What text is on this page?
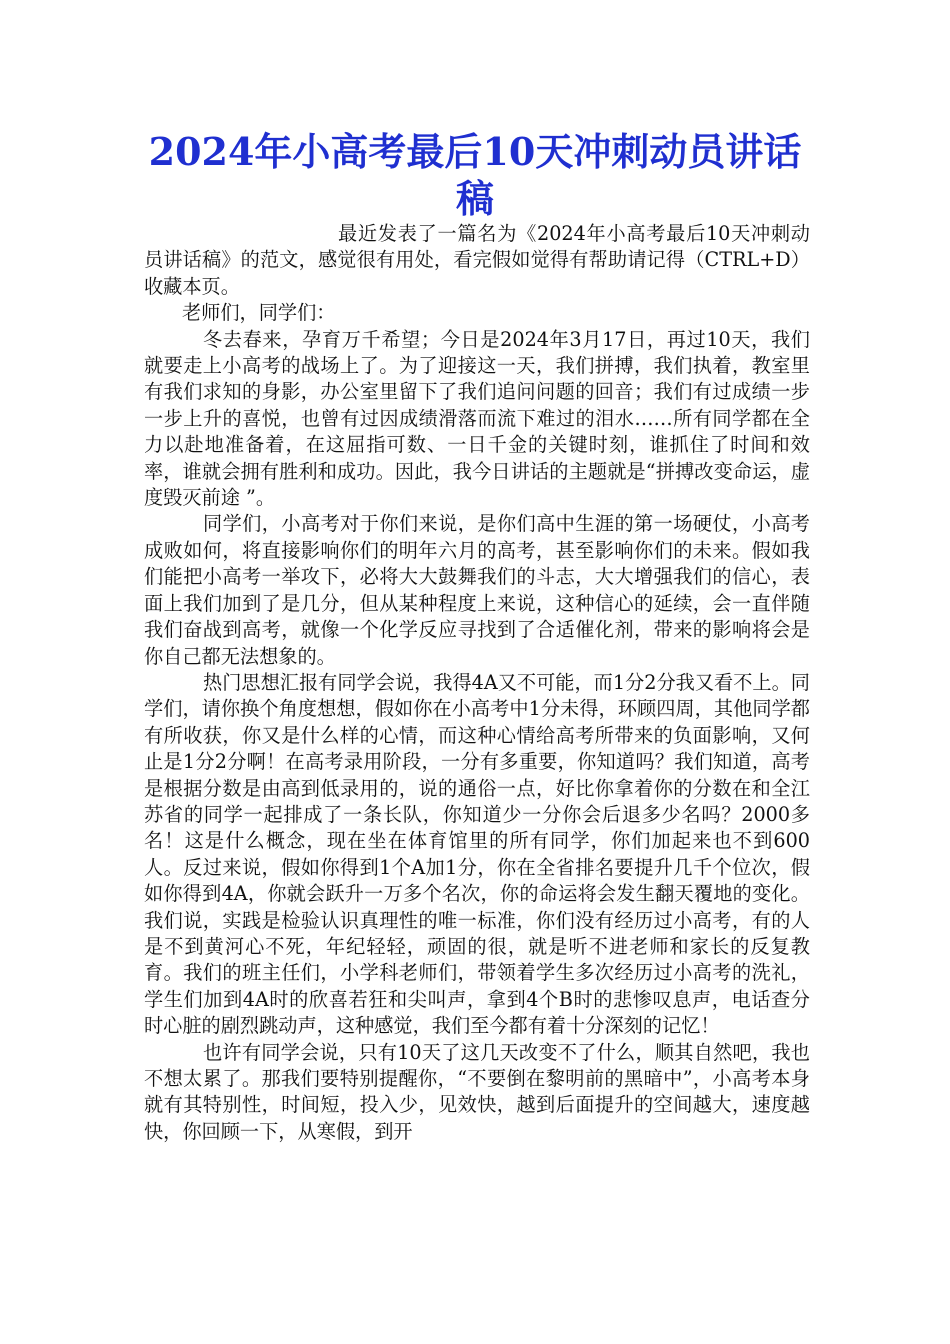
2024年小高考最后10天冲刺动员讲话稿

最近发表了一篇名为《2024年小高考最后10天冲刺动员讲话稿》的范文，感觉很有用处，看完假如觉得有帮助请记得（CTRL+D）收藏本页。

老师们，同学们：

冬去春来，孕育万千希望；今日是2024年3月17日，再过10天，我们就要走上小高考的战场上了。为了迎接这一天，我们拼搏，我们执着，教室里有我们求知的身影，办公室里留下了我们追问问题的回音；我们有过成绩一步一步上升的喜悦，也曾有过因成绩滑落而流下难过的泪水……所有同学都在全力以赴地准备着，在这屈指可数、一日千金的关键时刻，谁抓住了时间和效率，谁就会拥有胜利和成功。因此，我今日讲话的主题就是“拼搏改变命运，虚度毁灭前途 ”。

同学们，小高考对于你们来说，是你们高中生涯的第一场硬仗，小高考成败如何，将直接影响你们的明年六月的高考，甚至影响你们的未来。假如我们能把小高考一举攻下，必将大大鼓舞我们的斗志，大大增强我们的信心，表面上我们加到了是几分，但从某种程度上来说，这种信心的延续，会一直伴随我们奋战到高考，就像一个化学反应寻找到了合适催化剂，带来的影响将会是你自己都无法想象的。

热门思想汇报有同学会说，我得4A又不可能，而1分2分我又看不上。同学们，请你换个角度想想，假如你在小高考中1分未得，环顾四周，其他同学都有所收获，你又是什么样的心情，而这种心情给高考所带来的负面影响，又何止是1分2分啊！在高考录用阶段，一分有多重要，你知道吗？我们知道，高考是根据分数是由高到低录用的，说的通俗一点，好比你拿着你的分数在和全江苏省的同学一起排成了一条长队，你知道少一分你会后退多少名吗？2000多名！这是什么概念，现在坐在体育馆里的所有同学，你们加起来也不到600人。反过来说，假如你得到1个A加1分，你在全省排名要提升几千个位次，假如你得到4A，你就会跃升一万多个名次，你的命运将会发生翻天覆地的变化。我们说，实践是检验认识真理性的唯一标准，你们没有经历过小高考，有的人是不到黄河心不死，年纪轻轻，顽固的很，就是听不进老师和家长的反复教育。我们的班主任们，小学科老师们，带领着学生多次经历过小高考的洗礼，学生们加到4A时的欣喜若狂和尖叫声，拿到4个B时的悲惨叹息声，电话查分时心脏的剧烈跳动声，这种感觉，我们至今都有着十分深刻的记忆！

也许有同学会说，只有10天了这几天改变不了什么，顺其自然吧，我也不想太累了。那我们要特别提醒你，“不要倒在黎明前的黑暗中”，小高考本身就有其特别性，时间短，投入少，见效快，越到后面提升的空间越大，速度越快，你回顾一下，从寒假，到开
